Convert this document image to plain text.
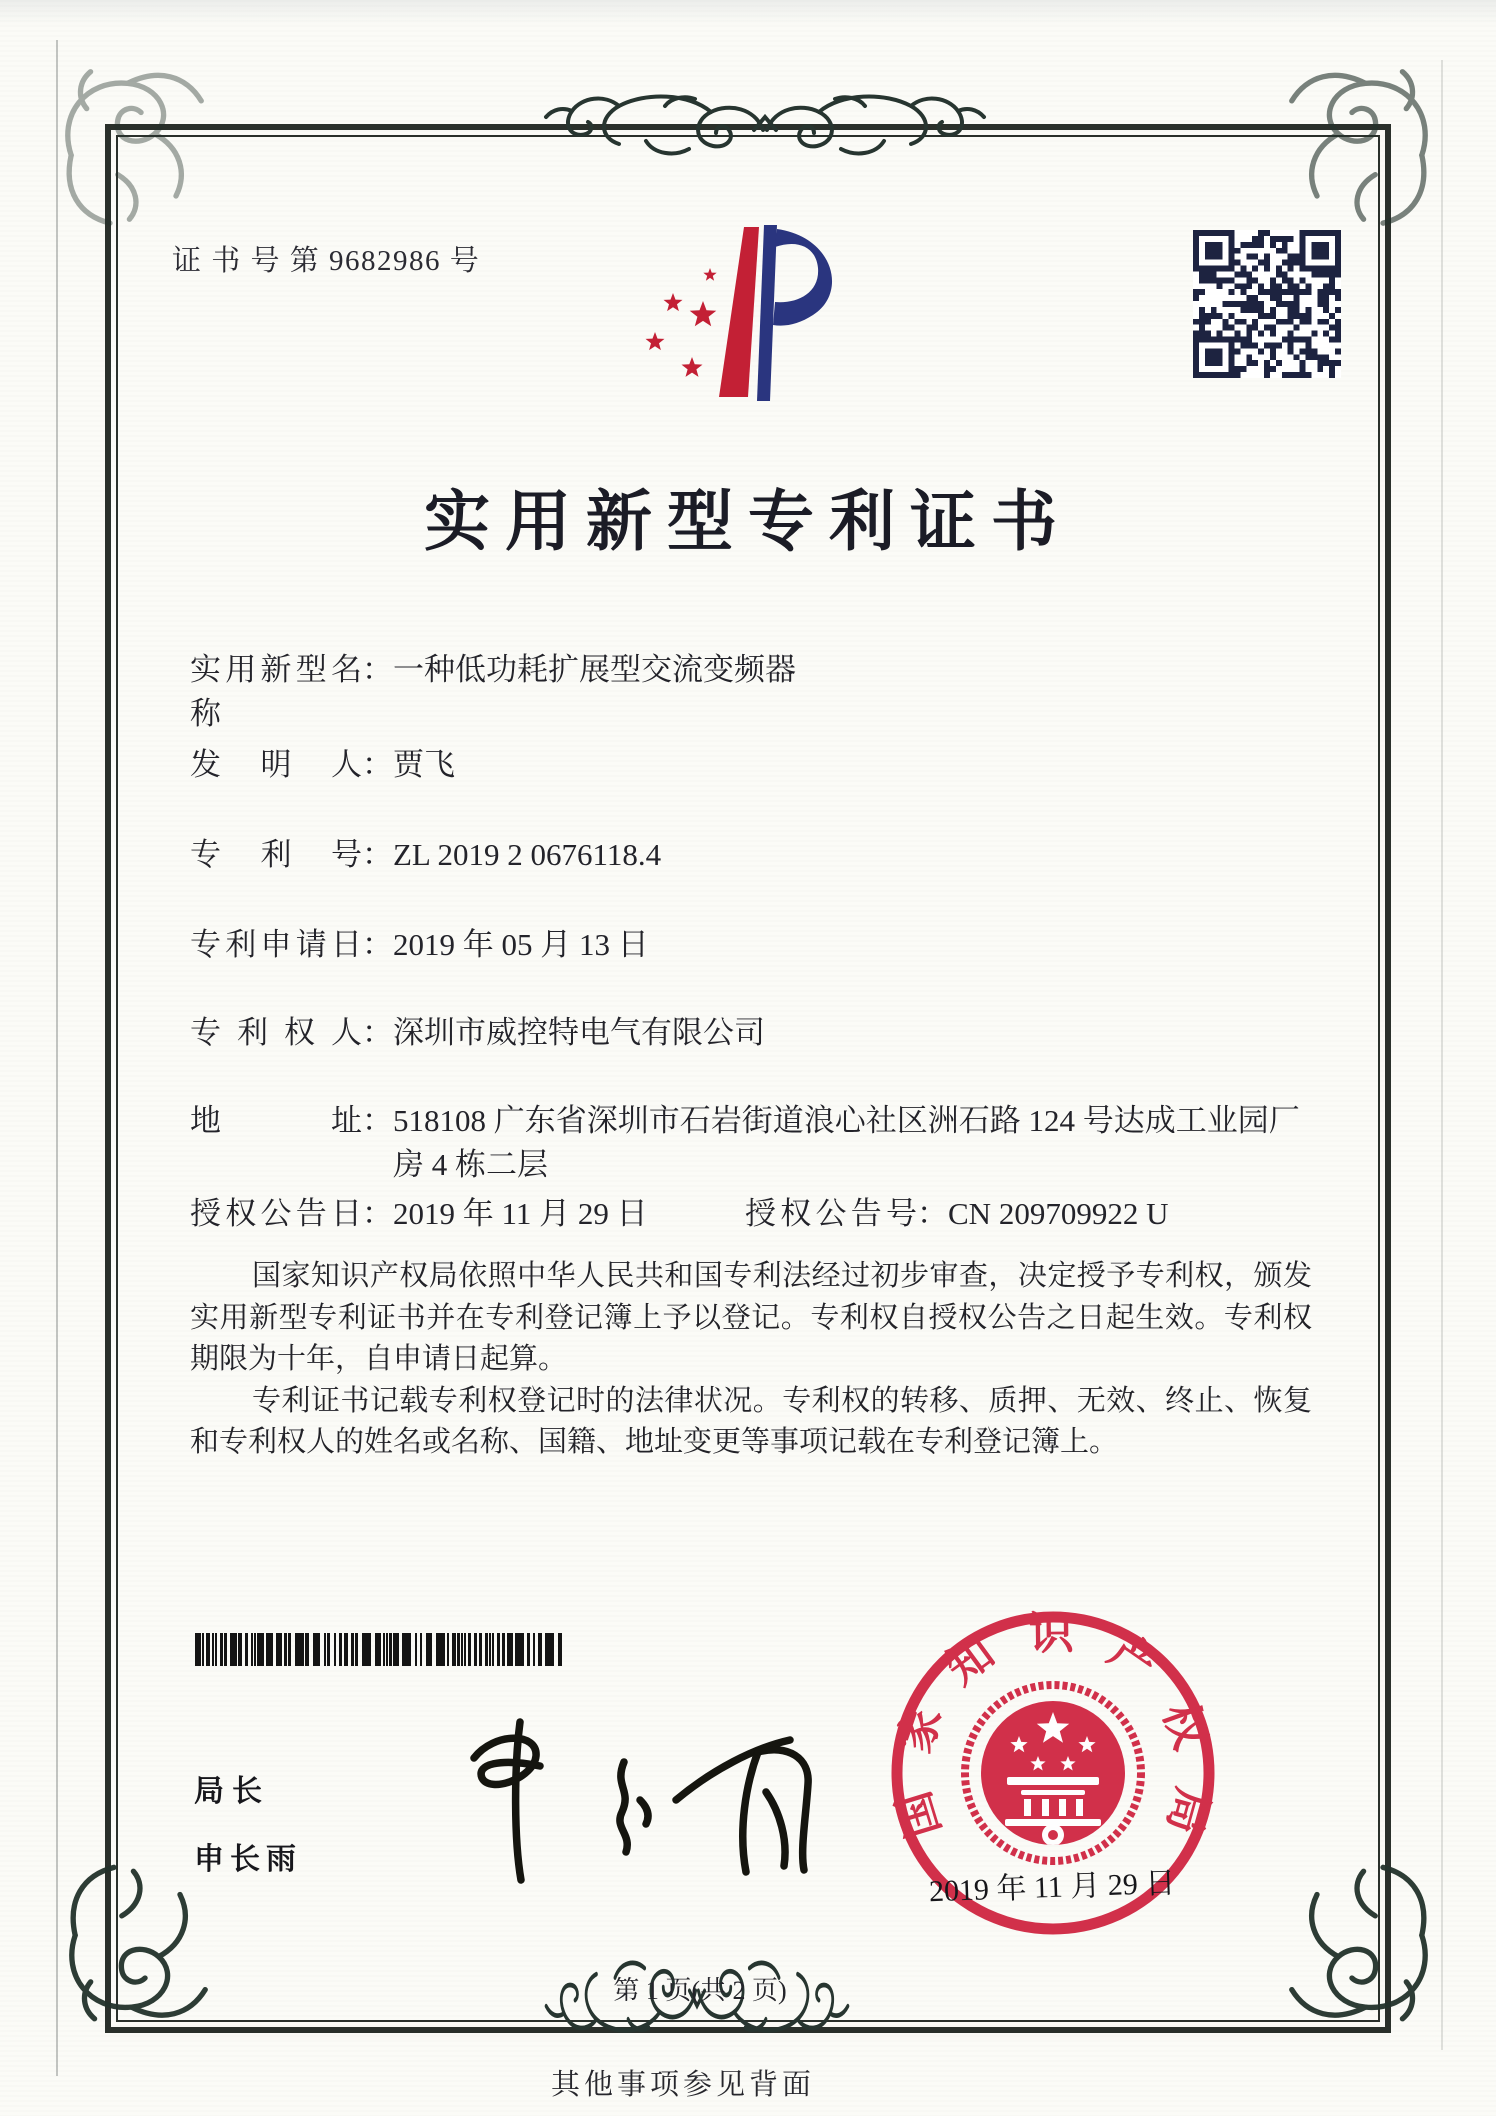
证 书 号 第 9682986 号
实用新型专利证书
实用新型名称
： 一种低功耗扩展型交流变频器
发明人 ： 贾飞
专利号 ： ZL 2019 2 0676118.4
专利申请日 ： 2019 年 05 月 13 日
专利权人 ： 深圳市威控特电气有限公司
地址 ： 518108 广东省深圳市石岩街道浪心社区洲石路 124 号达成工业园厂房 4 栋二层
授权公告日 ： 2019 年 11 月 29 日	授权公告号 ： CN 209709922 U

国家知识产权局依照中华人民共和国专利法经过初步审查，决定授予专利权，颁发实用新型专利证书并在专利登记簿上予以登记。专利权自授权公告之日起生效。专利权期限为十年，自申请日起算。

专利证书记载专利权登记时的法律状况。专利权的转移、质押、无效、终止、恢复和专利权人的姓名或名称、国籍、地址变更等事项记载在专利登记簿上。

局长
申长雨
国家知识产权局
2019 年 11 月 29 日
第 1 页(共 2 页)
其他事项参见背面
